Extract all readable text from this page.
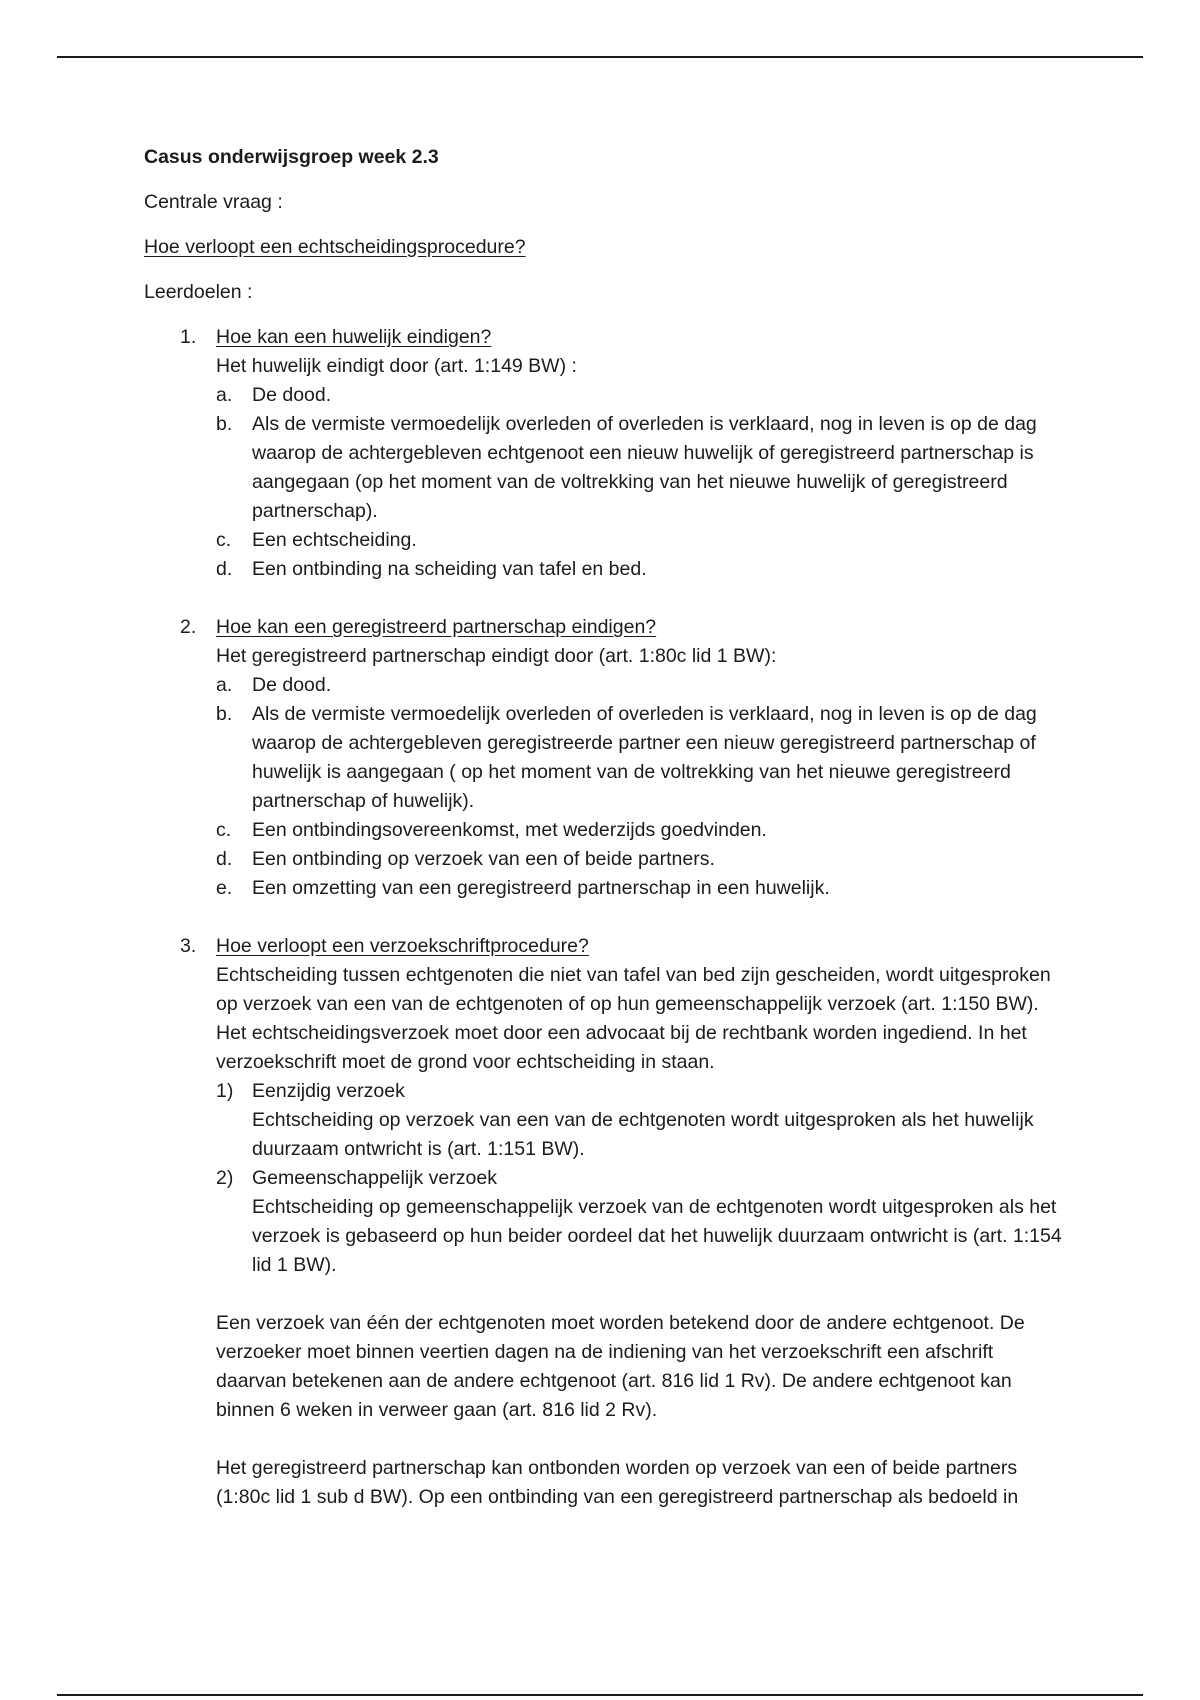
Casus onderwijsgroep week 2.3
Centrale vraag :
Hoe verloopt een echtscheidingsprocedure?
Leerdoelen :
1. Hoe kan een huwelijk eindigen?
Het huwelijk eindigt door (art. 1:149 BW) :
a. De dood.
b. Als de vermiste vermoedelijk overleden of overleden is verklaard, nog in leven is op de dag waarop de achtergebleven echtgenoot een nieuw huwelijk of geregistreerd partnerschap is aangegaan (op het moment van de voltrekking van het nieuwe huwelijk of geregistreerd partnerschap).
c. Een echtscheiding.
d. Een ontbinding na scheiding van tafel en bed.
2. Hoe kan een geregistreerd partnerschap eindigen?
Het geregistreerd partnerschap eindigt door (art. 1:80c lid 1 BW):
a. De dood.
b. Als de vermiste vermoedelijk overleden of overleden is verklaard, nog in leven is op de dag waarop de achtergebleven geregistreerde partner een nieuw geregistreerd partnerschap of huwelijk is aangegaan ( op het moment van de voltrekking van het nieuwe geregistreerd partnerschap of huwelijk).
c. Een ontbindingsovereenkomst, met wederzijds goedvinden.
d. Een ontbinding op verzoek van een of beide partners.
e. Een omzetting van een geregistreerd partnerschap in een huwelijk.
3. Hoe verloopt een verzoekschriftprocedure?
Echtscheiding tussen echtgenoten die niet van tafel van bed zijn gescheiden, wordt uitgesproken op verzoek van een van de echtgenoten of op hun gemeenschappelijk verzoek (art. 1:150 BW). Het echtscheidingsverzoek moet door een advocaat bij de rechtbank worden ingediend. In het verzoekschrift moet de grond voor echtscheiding in staan.
1) Eenzijdig verzoek
Echtscheiding op verzoek van een van de echtgenoten wordt uitgesproken als het huwelijk duurzaam ontwricht is (art. 1:151 BW).
2) Gemeenschappelijk verzoek
Echtscheiding op gemeenschappelijk verzoek van de echtgenoten wordt uitgesproken als het verzoek is gebaseerd op hun beider oordeel dat het huwelijk duurzaam ontwricht is (art. 1:154 lid 1 BW).
Een verzoek van één der echtgenoten moet worden betekend door de andere echtgenoot. De verzoeker moet binnen veertien dagen na de indiening van het verzoekschrift een afschrift daarvan betekenen aan de andere echtgenoot (art. 816 lid 1 Rv). De andere echtgenoot kan binnen 6 weken in verweer gaan (art. 816 lid 2 Rv).
Het geregistreerd partnerschap kan ontbonden worden op verzoek van een of beide partners (1:80c lid 1 sub d BW). Op een ontbinding van een geregistreerd partnerschap als bedoeld in
